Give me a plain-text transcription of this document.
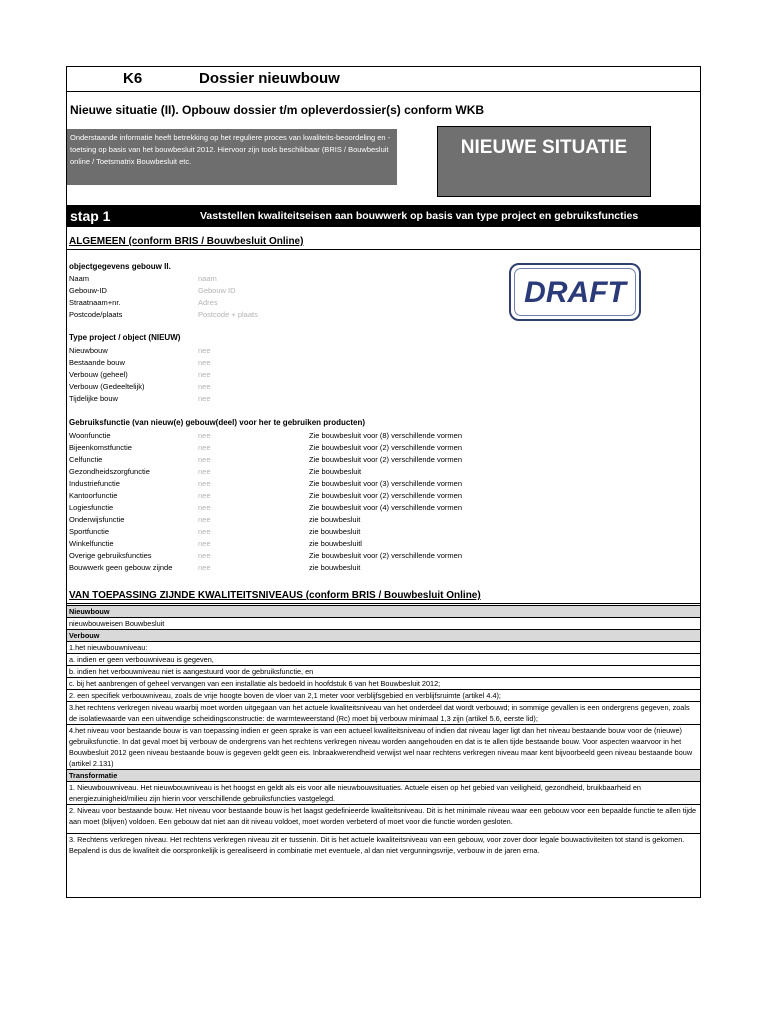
K6	Dossier nieuwbouw
Nieuwe situatie (II). Opbouw dossier t/m opleverdossier(s) conform WKB
Onderstaande informatie heeft betrekking op het reguliere proces van kwaliteits-beoordeling en -toetsing op basis van het bouwbesluit 2012. Hiervoor zijn tools beschikbaar (BRIS / Bouwbesluit online / Toetsmatrix Bouwbesluit etc.
NIEUWE SITUATIE
stap 1	Vaststellen kwaliteitseisen aan bouwwerk op basis van type project en gebruiksfuncties
ALGEMEEN (conform BRIS / Bouwbesluit Online)
DRAFT
objectgegevens gebouw II.
Naam	naam
Gebouw-ID	Gebouw ID
Straatnaam+nr.	Adres
Postcode/plaats	Postcode + plaats
Type project / object (NIEUW)
Nieuwbouw	nee
Bestaande bouw	nee
Verbouw (geheel)	nee
Verbouw (Gedeeltelijk)	nee
Tijdelijke bouw	nee
Gebruiksfunctie (van nieuw(e) gebouw(deel) voor her te gebruiken producten)
Woonfunctie	nee	Zie bouwbesluit voor (8) verschillende vormen
Bijeenkomstfunctie	nee	Zie bouwbesluit voor (2) verschillende vormen
Celfunctie	nee	Zie bouwbesluit voor (2) verschillende vormen
Gezondheidszorgfunctie	nee	Zie bouwbesluit
Industriefunctie	nee	Zie bouwbesluit voor (3) verschillende vormen
Kantoorfunctie	nee	Zie bouwbesluit voor (2) verschillende vormen
Logiesfunctie	nee	Zie bouwbesluit voor (4) verschillende vormen
Onderwijsfunctie	nee	zie bouwbesluit
Sportfunctie	nee	zie bouwbesluit
Winkelfunctie	nee	zie bouwbesluitl
Overige gebruiksfuncties	nee	Zie bouwbesluit voor (2) verschillende vormen
Bouwwerk geen gebouw zijnde	nee	zie bouwbesluit
VAN TOEPASSING ZIJNDE KWALITEITSNIVEAUS (conform BRIS / Bouwbesluit Online)
Nieuwbouw
nieuwbouweisen Bouwbesluit
Verbouw
1.het nieuwbouwniveau:
a. indien er geen verbouwniveau is gegeven,
b. indien het verbouwniveau niet is aangestuurd voor de gebruiksfunctie, en
c. bij het aanbrengen of geheel vervangen van een installatie als bedoeld in hoofdstuk 6 van het Bouwbesluit 2012;
2. een specifiek verbouwniveau, zoals de vrije hoogte boven de vloer van 2,1 meter voor verblijfsgebied en verblijfsruimte (artikel 4.4);
3.het rechtens verkregen niveau waarbij moet worden uitgegaan van het actuele kwaliteitsniveau van het onderdeel dat wordt verbouwd; in sommige gevallen is een ondergrens gegeven, zoals de isolatiewaarde van een uitwendige scheidingsconstructie: de warmteweerstand (Rc) moet bij verbouw minimaal 1,3 zijn (artikel 5.6, eerste lid);
4.het niveau voor bestaande bouw is van toepassing indien er geen sprake is van een actueel kwaliteitsniveau of indien dat niveau lager ligt dan het niveau bestaande bouw voor de (nieuwe) gebruiksfunctie. In dat geval moet bij verbouw de ondergrens van het rechtens verkregen niveau worden aangehouden en dat is te allen tijde bestaande bouw. Voor aspecten waarvoor in het Bouwbesluit 2012 geen niveau bestaande bouw is gegeven geldt geen eis. Inbraakwerendheid verwijst wel naar rechtens verkregen niveau maar kent bijvoorbeeld geen niveau bestaande bouw (artikel 2.131)
Transformatie
1. Nieuwbouwniveau. Het nieuwbouwniveau is het hoogst en geldt als eis voor alle nieuwbouwsituaties. Actuele eisen op het gebied van veiligheid, gezondheid, bruikbaarheid en energiezuinigheid/milieu zijn hierin voor verschillende gebruiksfuncties vastgelegd.
2. Niveau voor bestaande bouw. Het niveau voor bestaande bouw is het laagst gedefinieerde kwaliteitsniveau. Dit is het minimale niveau waar een gebouw voor een bepaalde functie te allen tijde aan moet (blijven) voldoen. Een gebouw dat niet aan dit niveau voldoet, moet worden verbeterd of moet voor die functie worden gesloten.
3. Rechtens verkregen niveau. Het rechtens verkregen niveau zit er tussenin. Dit is het actuele kwaliteitsniveau van een gebouw, voor zover door legale bouwactiviteiten tot stand is gekomen. Bepalend is dus de kwaliteit die oorspronkelijk is gerealiseerd in combinatie met eventuele, al dan niet vergunningsvrije, verbouw in de jaren erna.
